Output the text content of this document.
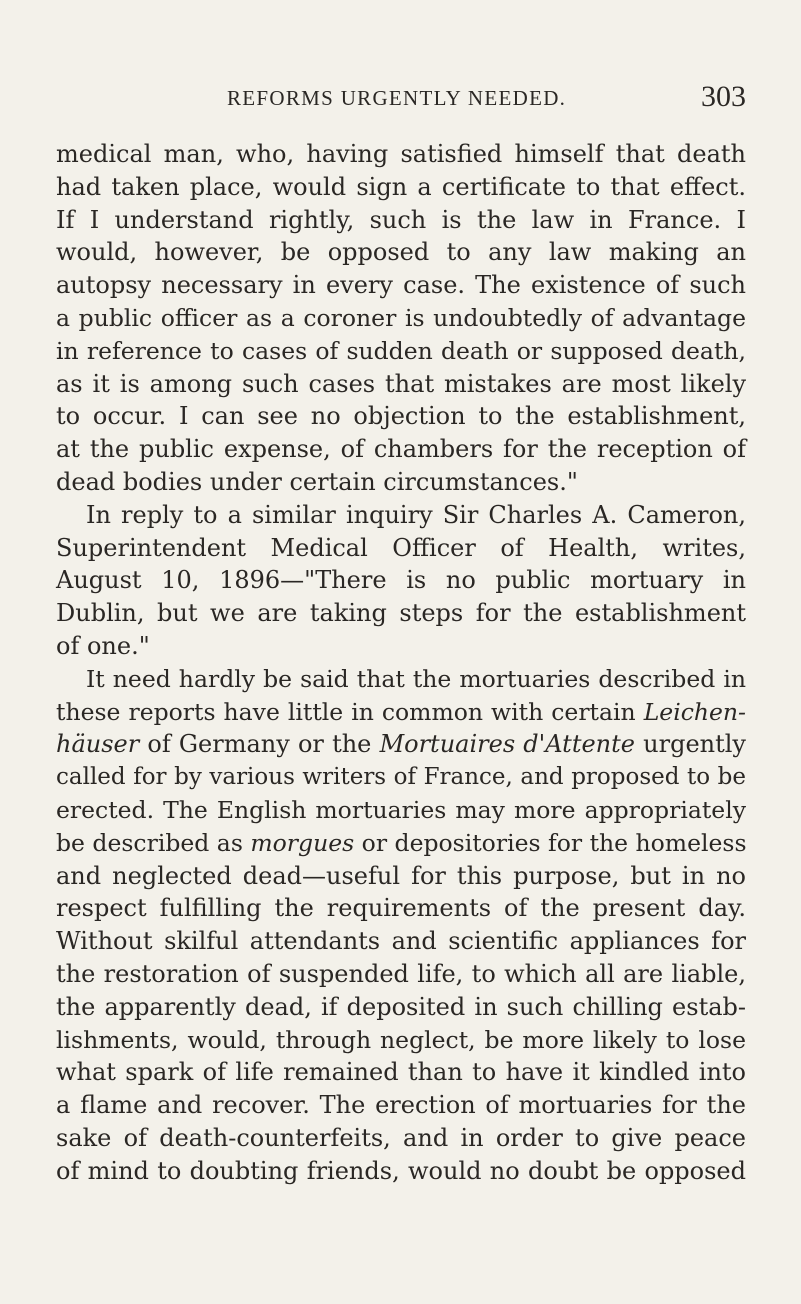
REFORMS URGENTLY NEEDED.	303
medical man, who, having satisfied himself that death
had taken place, would sign a certificate to that effect.
If I understand rightly, such is the law in France. I
would, however, be opposed to any law making an
autopsy necessary in every case. The existence of such
a public officer as a coroner is undoubtedly of advantage
in reference to cases of sudden death or supposed death,
as it is among such cases that mistakes are most likely
to occur. I can see no objection to the establishment,
at the public expense, of chambers for the reception of
dead bodies under certain circumstances."
In reply to a similar inquiry Sir Charles A. Cameron,
Superintendent Medical Officer of Health, writes,
August 10, 1896—"There is no public mortuary in
Dublin, but we are taking steps for the establishment
of one."
It need hardly be said that the mortuaries described in
these reports have little in common with certain Leichen-
häuser of Germany or the Mortuaires d'Attente urgently
called for by various writers of France, and proposed to be
erected. The English mortuaries may more appropriately
be described as morgues or depositories for the homeless
and neglected dead—useful for this purpose, but in no
respect fulfilling the requirements of the present day.
Without skilful attendants and scientific appliances for
the restoration of suspended life, to which all are liable,
the apparently dead, if deposited in such chilling estab-
lishments, would, through neglect, be more likely to lose
what spark of life remained than to have it kindled into
a flame and recover. The erection of mortuaries for the
sake of death-counterfeits, and in order to give peace
of mind to doubting friends, would no doubt be opposed
